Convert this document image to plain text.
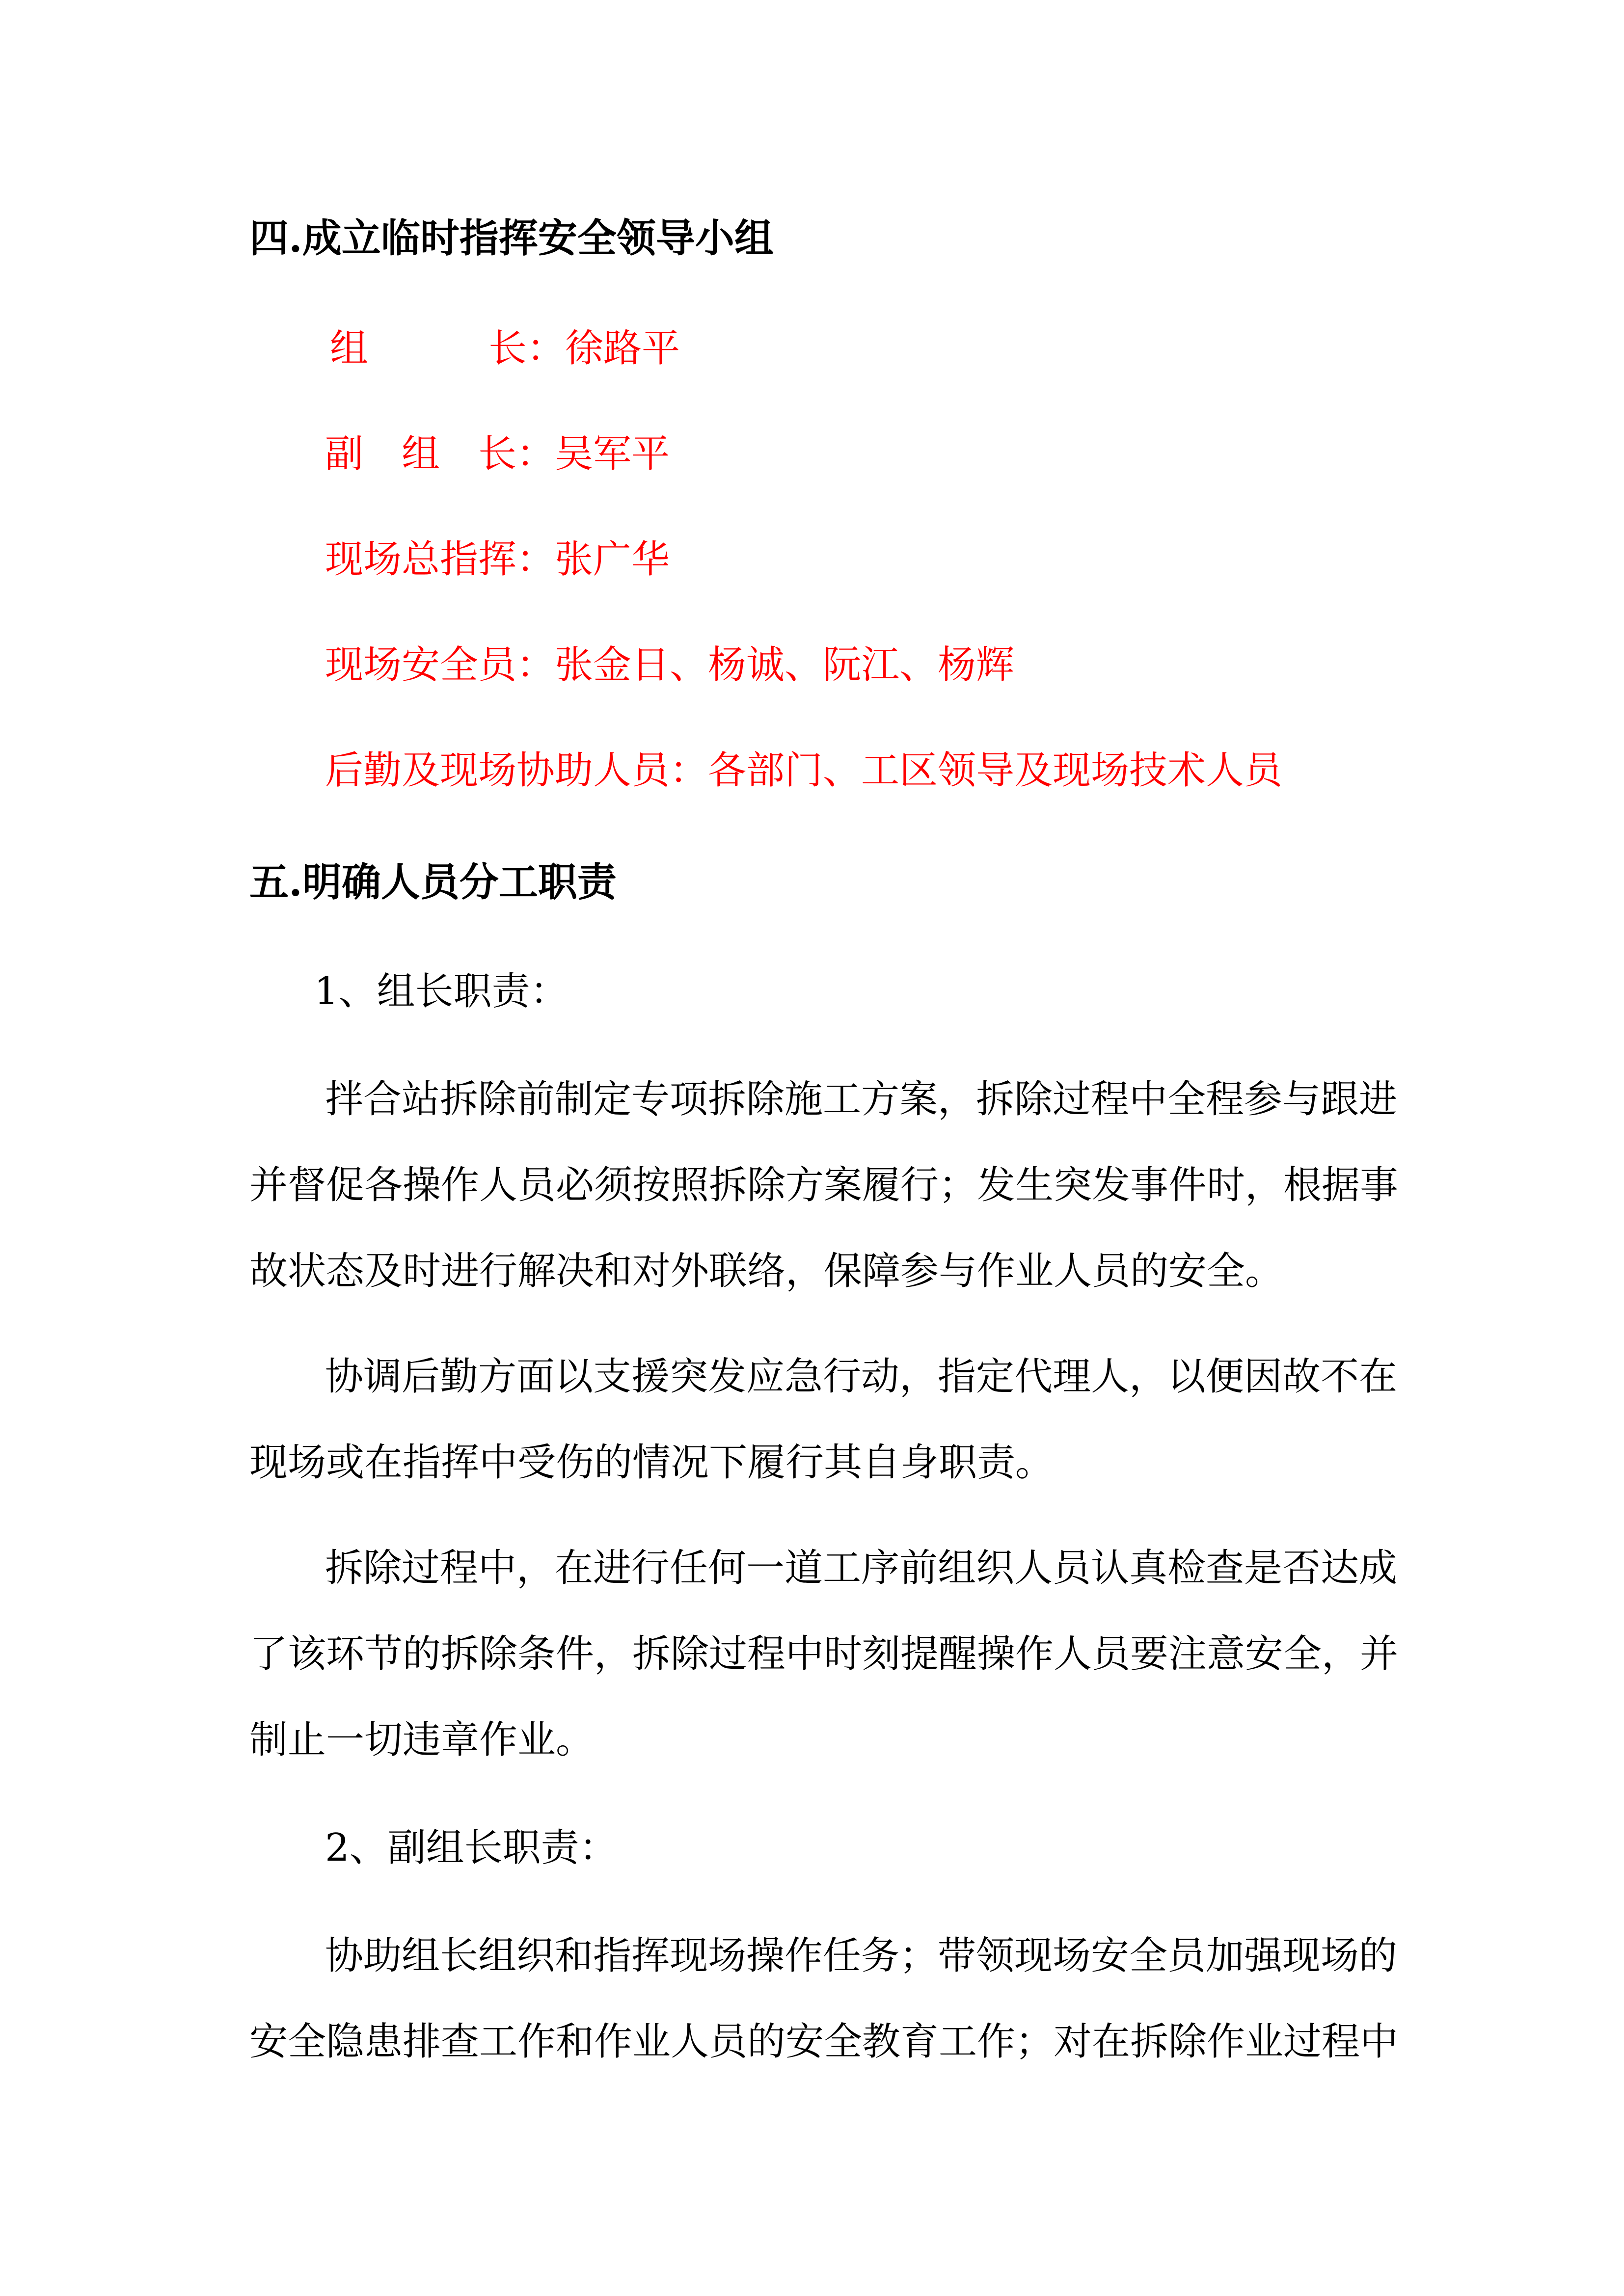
四.成立临时指挥安全领导小组
组	长：徐路平
副　组　长：吴军平
现场总指挥：张广华
现场安全员：张金日、杨诚、阮江、杨辉
后勤及现场协助人员：各部门、工区领导及现场技术人员
五.明确人员分工职责
1、组长职责：
拌合站拆除前制定专项拆除施工方案，拆除过程中全程参与跟进
并督促各操作人员必须按照拆除方案履行；发生突发事件时，根据事
故状态及时进行解决和对外联络，保障参与作业人员的安全。
协调后勤方面以支援突发应急行动，指定代理人，以便因故不在
现场或在指挥中受伤的情况下履行其自身职责。
拆除过程中，在进行任何一道工序前组织人员认真检查是否达成
了该环节的拆除条件，拆除过程中时刻提醒操作人员要注意安全，并
制止一切违章作业。
2、副组长职责：
协助组长组织和指挥现场操作任务；带领现场安全员加强现场的
安全隐患排查工作和作业人员的安全教育工作；对在拆除作业过程中
